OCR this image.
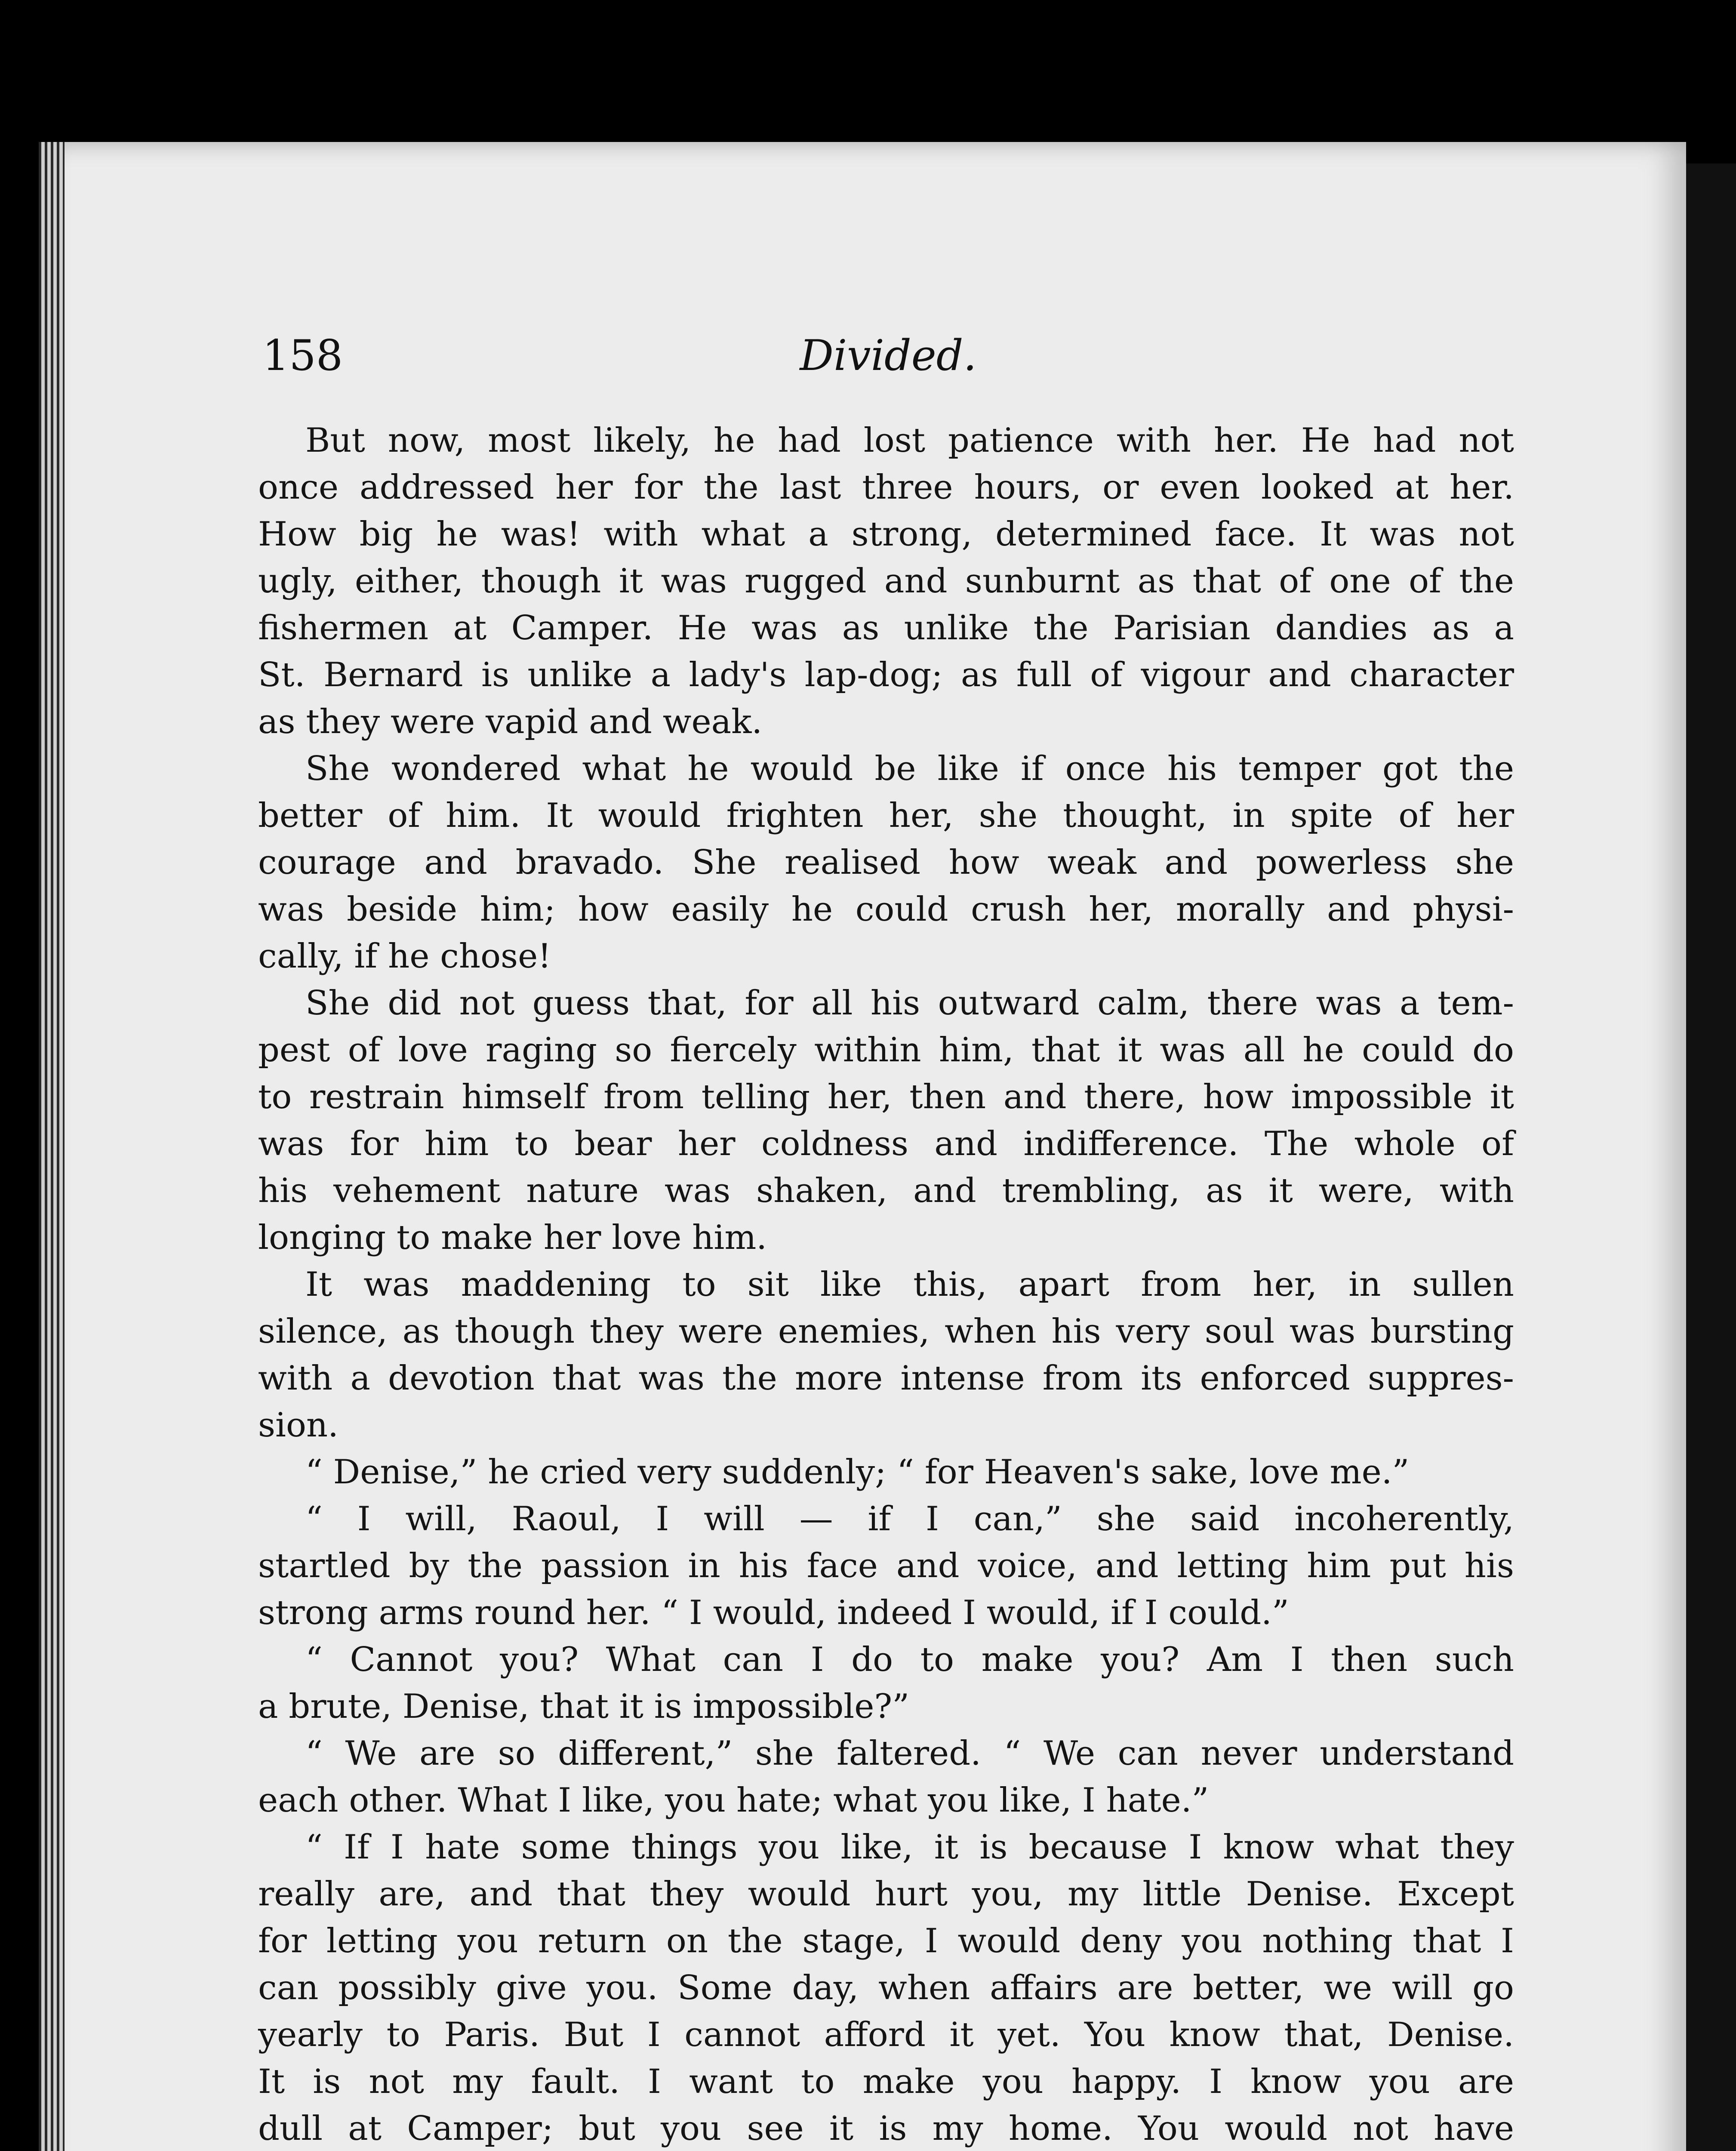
158	Divided.
But now, most likely, he had lost patience with her. He had not
once addressed her for the last three hours, or even looked at her.
How big he was! with what a strong, determined face. It was not
ugly, either, though it was rugged and sunburnt as that of one of the
fishermen at Camper. He was as unlike the Parisian dandies as a
St. Bernard is unlike a lady's lap-dog; as full of vigour and character
as they were vapid and weak.
She wondered what he would be like if once his temper got the
better of him. It would frighten her, she thought, in spite of her
courage and bravado. She realised how weak and powerless she
was beside him; how easily he could crush her, morally and physi-
cally, if he chose!
She did not guess that, for all his outward calm, there was a tem-
pest of love raging so fiercely within him, that it was all he could do
to restrain himself from telling her, then and there, how impossible it
was for him to bear her coldness and indifference. The whole of
his vehement nature was shaken, and trembling, as it were, with
longing to make her love him.
It was maddening to sit like this, apart from her, in sullen
silence, as though they were enemies, when his very soul was bursting
with a devotion that was the more intense from its enforced suppres-
sion.
“ Denise,” he cried very suddenly; “ for Heaven's sake, love me.”
“ I will, Raoul, I will — if I can,” she said incoherently,
startled by the passion in his face and voice, and letting him put his
strong arms round her. “ I would, indeed I would, if I could.”
“ Cannot you? What can I do to make you? Am I then such
a brute, Denise, that it is impossible?”
“ We are so different,” she faltered. “ We can never understand
each other. What I like, you hate; what you like, I hate.”
“ If I hate some things you like, it is because I know what they
really are, and that they would hurt you, my little Denise. Except
for letting you return on the stage, I would deny you nothing that I
can possibly give you. Some day, when affairs are better, we will go
yearly to Paris. But I cannot afford it yet. You know that, Denise.
It is not my fault. I want to make you happy. I know you are
dull at Camper; but you see it is my home. You would not have
